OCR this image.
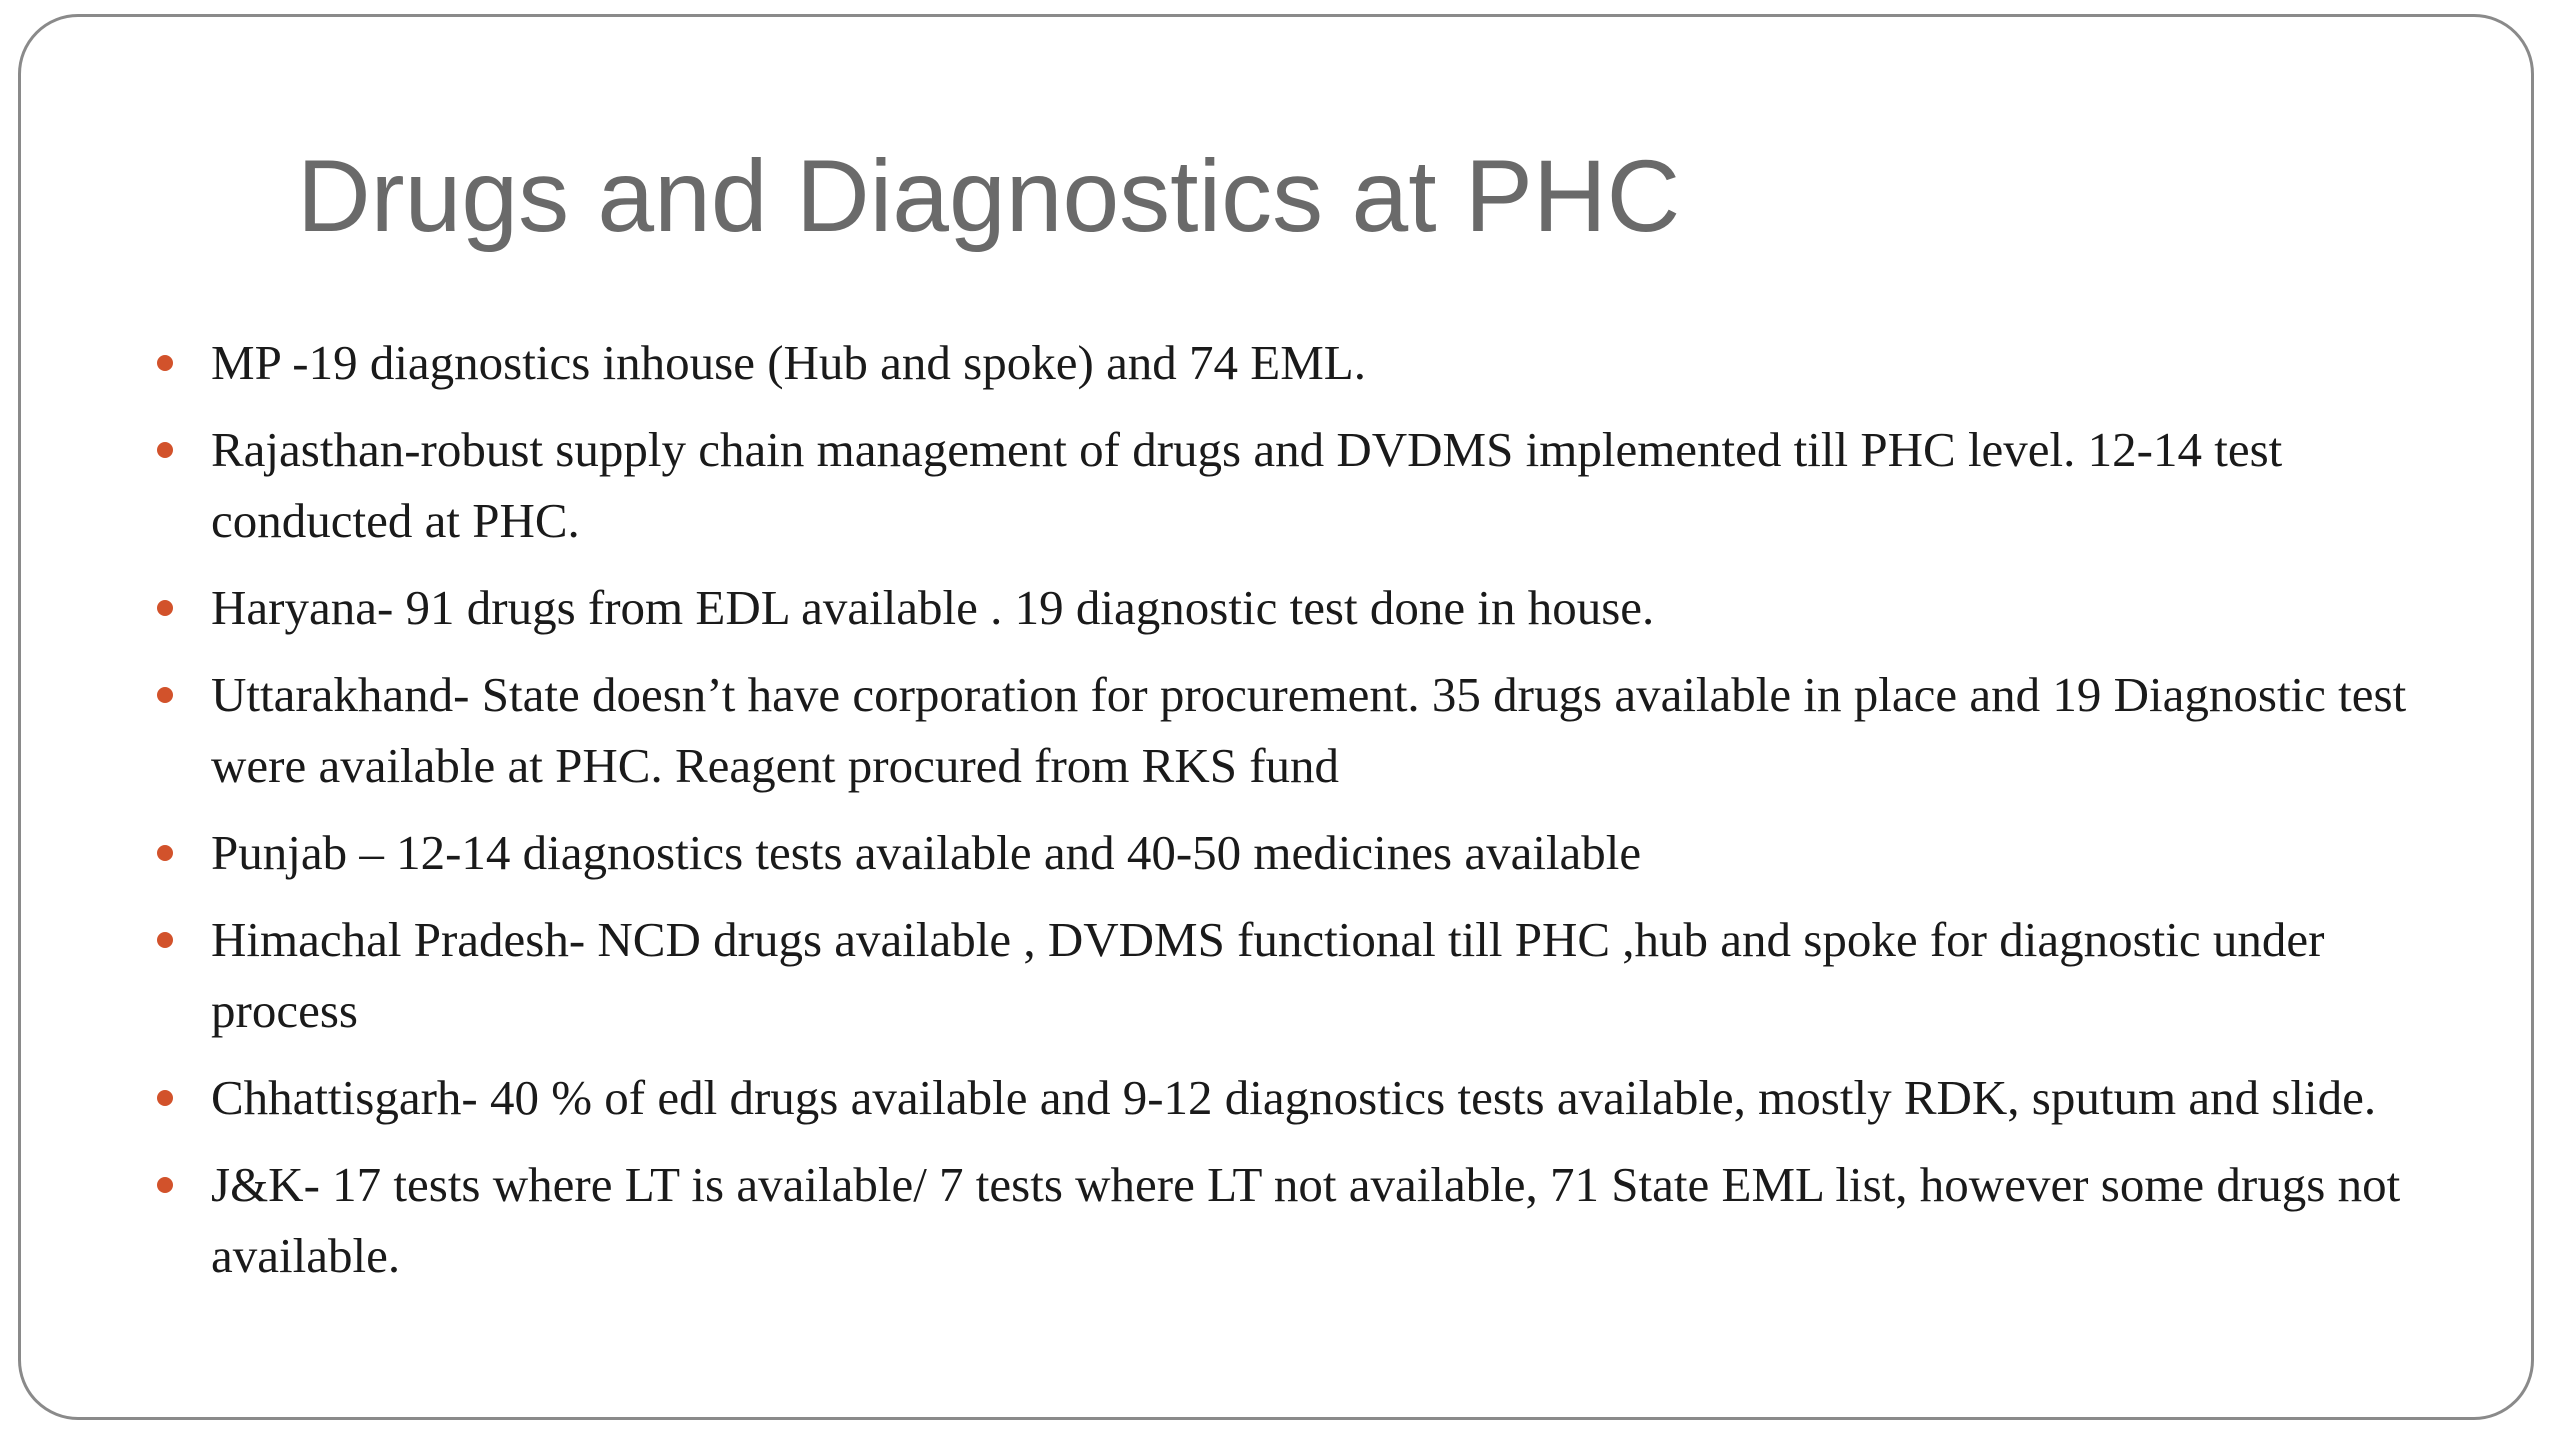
Drugs and Diagnostics at PHC
MP -19 diagnostics inhouse (Hub and spoke) and 74 EML.
Rajasthan-robust supply chain management of drugs and DVDMS implemented till PHC level. 12-14 test conducted at PHC.
Haryana- 91 drugs from EDL available . 19 diagnostic test done in house.
Uttarakhand- State doesn’t have corporation for procurement. 35 drugs available in place and 19 Diagnostic test were available at PHC. Reagent procured from RKS fund
Punjab – 12-14 diagnostics tests available and 40-50 medicines available
Himachal Pradesh- NCD drugs available , DVDMS functional till PHC ,hub and spoke for diagnostic under process
Chhattisgarh- 40 % of edl drugs available and 9-12 diagnostics tests available, mostly RDK, sputum and slide.
J&K- 17 tests where LT is available/ 7 tests where LT not available, 71 State EML list, however some drugs not available.
